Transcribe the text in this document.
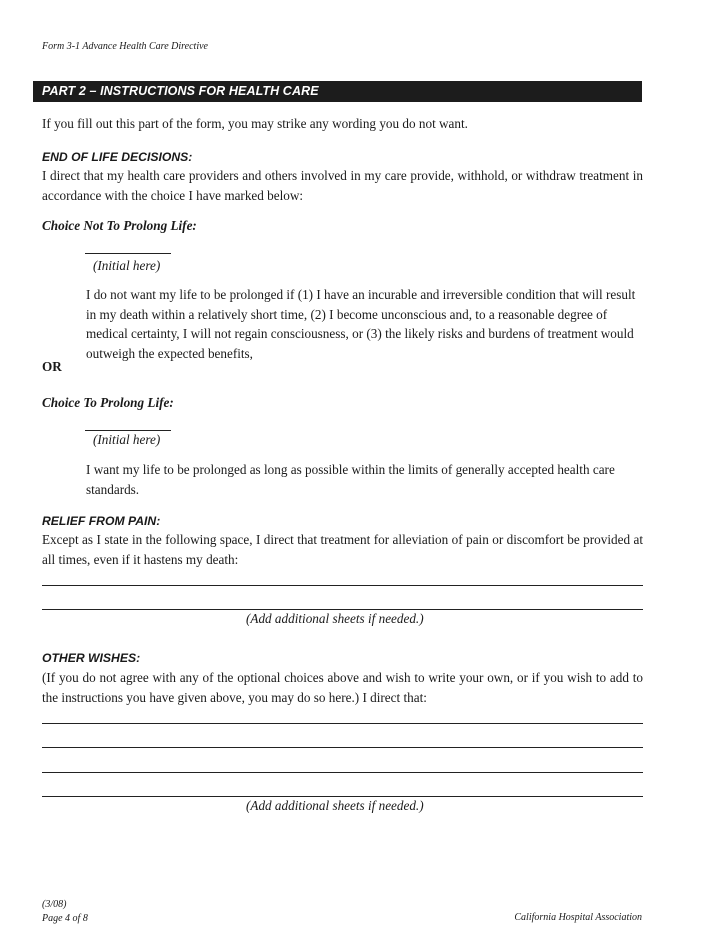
Form 3-1 Advance Health Care Directive
PART 2 – INSTRUCTIONS FOR HEALTH CARE
If you fill out this part of the form, you may strike any wording you do not want.
END OF LIFE DECISIONS:
I direct that my health care providers and others involved in my care provide, withhold, or withdraw treatment in accordance with the choice I have marked below:
Choice Not To Prolong Life:
(Initial here)
I do not want my life to be prolonged if (1) I have an incurable and irreversible condition that will result in my death within a relatively short time, (2) I become unconscious and, to a reasonable degree of medical certainty, I will not regain consciousness, or (3) the likely risks and burdens of treatment would outweigh the expected benefits,
OR
Choice To Prolong Life:
(Initial here)
I want my life to be prolonged as long as possible within the limits of generally accepted health care standards.
RELIEF FROM PAIN:
Except as I state in the following space, I direct that treatment for alleviation of pain or discomfort be provided at all times, even if it hastens my death:
(Add additional sheets if needed.)
OTHER WISHES:
(If you do not agree with any of the optional choices above and wish to write your own, or if you wish to add to the instructions you have given above, you may do so here.) I direct that:
(Add additional sheets if needed.)
(3/08)
Page 4 of 8	California Hospital Association
